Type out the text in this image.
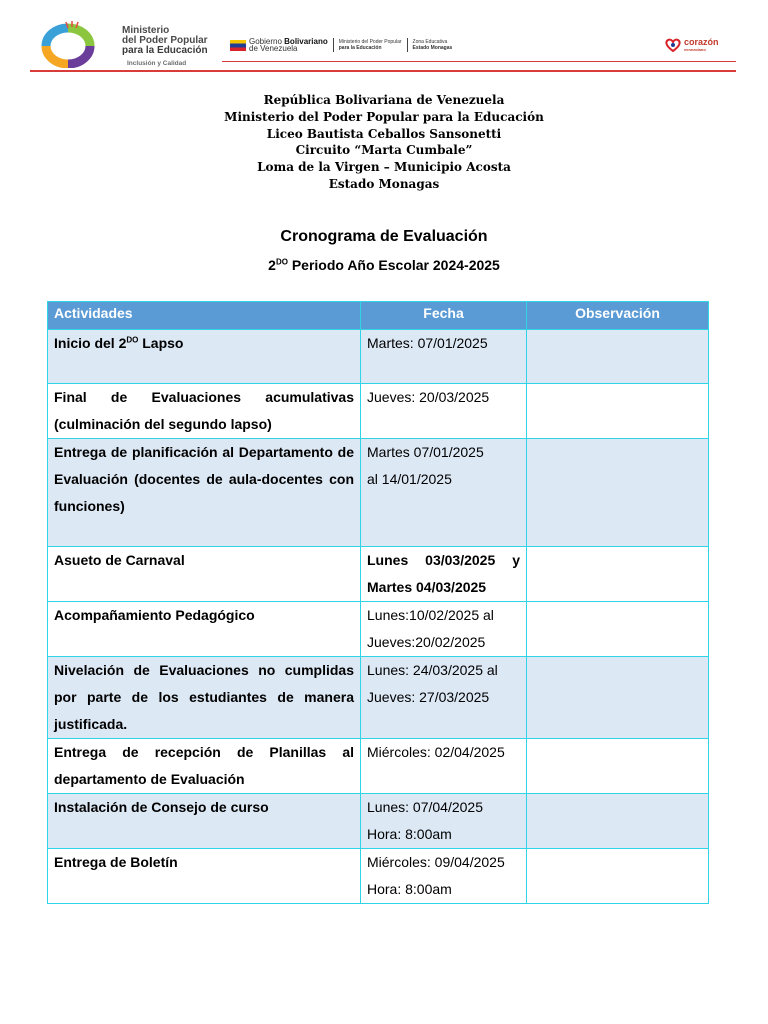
Ministerio
del Poder Popular
para la Educación
Inclusión y Calidad
Gobierno Bolivariano
de Venezuela
Ministerio del Poder Popular
para la Educación
Zona Educativa
Estado Monagas
corazón
venezolano
República Bolivariana de Venezuela
Ministerio del Poder Popular para la Educación
Liceo Bautista Ceballos Sansonetti
Circuito “Marta Cumbale”
Loma de la Virgen – Municipio Acosta
Estado Monagas
Cronograma de Evaluación
$2^{DO}$ Periodo Año Escolar 2024-2025
Actividades	Fecha	Observación
Inicio del $2^{DO}$ Lapso	Martes: 07/01/2025	

Final de Evaluaciones acumulativas (culminación del segundo lapso)	Jueves: 20/03/2025	

Entrega de planificación al Departamento de Evaluación (docentes de aula-docentes con funciones)	Martes 07/01/2025
al 14/01/2025	

Asueto de Carnaval	Lunes 03/03/2025 y Martes 04/03/2025	
Acompañamiento Pedagógico	Lunes:10/02/2025 al
Jueves:20/02/2025	

Nivelación de Evaluaciones no cumplidas por parte de los estudiantes de manera justificada.	Lunes: 24/03/2025 al
Jueves: 27/03/2025	

Entrega de recepción de Planillas al departamento de Evaluación	Miércoles: 02/04/2025	

Instalación de Consejo de curso	Lunes: 07/04/2025
Hora: 8:00am	

Entrega de Boletín	Miércoles: 09/04/2025
Hora: 8:00am	
